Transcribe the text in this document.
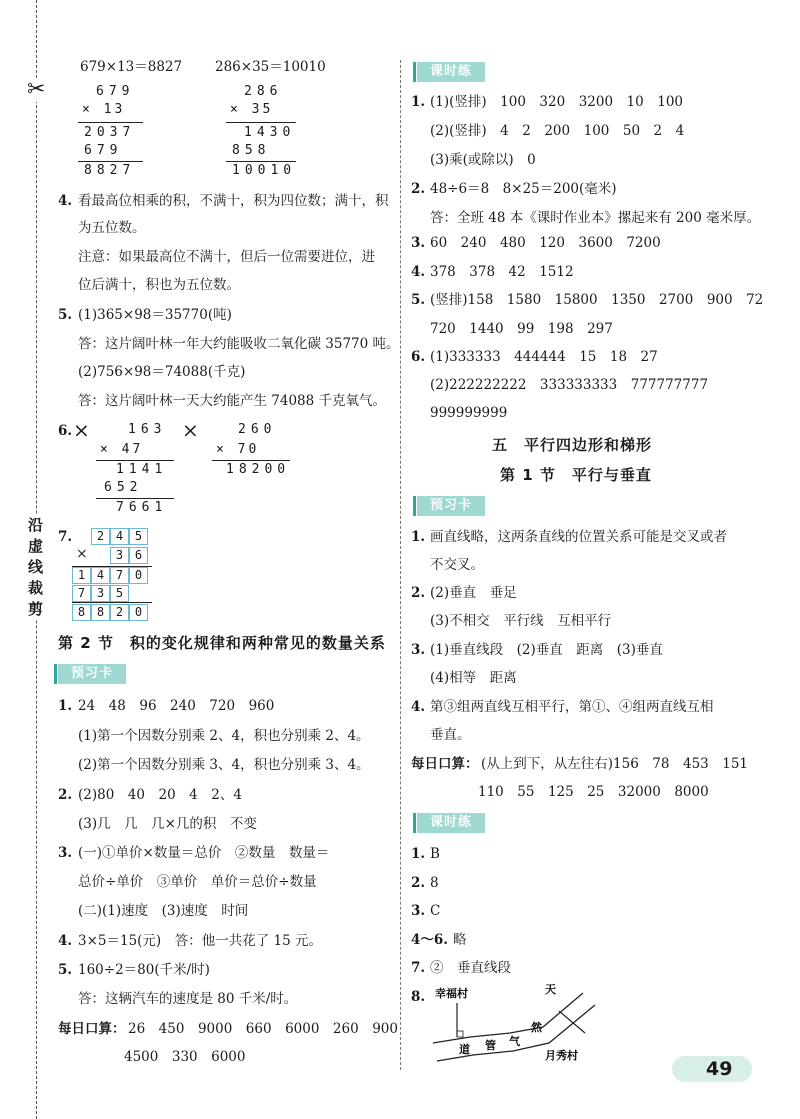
✂
沿虚线裁剪
679×13＝8827 286×35＝10010
679
× 13
2037
679
8827
286
× 35
1430
858
10010
4. 看最高位相乘的积，不满十，积为四位数；满十，积
为五位数。
注意：如果最高位不满十，但后一位需要进位，进
位后满十，积也为五位数。
5. (1)365×98＝35770(吨)
答：这片阔叶林一年大约能吸收二氧化碳 35770 吨。
(2)756×98＝74088(千克)
答：这片阔叶林一天大约能产生 74088 千克氧气。
6. ×	163
× 47
1141
652
7661
×	260
× 70
18200
7.	2 4 5
3 6
1 4 7 0
7 3 5
8 8 2 0
×
第 2 节　积的变化规律和两种常见的数量关系
预习卡
1. 24　48　96　240　720　960
(1)第一个因数分别乘 2、4，积也分别乘 2、4。
(2)第一个因数分别乘 3、4，积也分别乘 3、4。
2. (2)80　40　20　4　2、4
(3)几　几　几×几的积　不变
3. (一)①单价×数量＝总价　②数量　数量＝
总价÷单价　③单价　单价＝总价÷数量
(二)(1)速度　(3)速度　时间
4. 3×5＝15(元)　答：他一共花了 15 元。
5. 160÷2＝80(千米/时)
答：这辆汽车的速度是 80 千米/时。
每日口算： 26　450　9000　660　6000　260　900
4500　330　6000
课时练
1. (1)(竖排)　100　320　3200　10　100
(2)(竖排)　4　2　200　100　50　2　4
(3)乘(或除以)　0
2. 48÷6＝8　8×25＝200(毫米)
答：全班 48 本《课时作业本》摞起来有 200 毫米厚。
3. 60　240　480　120　3600　7200
4. 378　378　42　1512
5. (竖排)158　1580　15800　1350　2700　900　72
720　1440　99　198　297
6. (1)333333　444444　15　18　27
(2)222222222　333333333　777777777
999999999
五　平行四边形和梯形
第 1 节　平行与垂直
预习卡
1. 画直线略，这两条直线的位置关系可能是交叉或者
不交叉。
2. (2)垂直　垂足
(3)不相交　平行线　互相平行
3. (1)垂直线段　(2)垂直　距离　(3)垂直
(4)相等　距离
4. 第③组两直线互相平行，第①、④组两直线互相
垂直。
每日口算： (从上到下，从左往右)156　78　453　151
110　55　125　25　32000　8000
课时练
1. B
2. 8
3. C
4～6. 略
7. ②　垂直线段
8. 幸福村
道 管 气
然
天
月秀村
49
